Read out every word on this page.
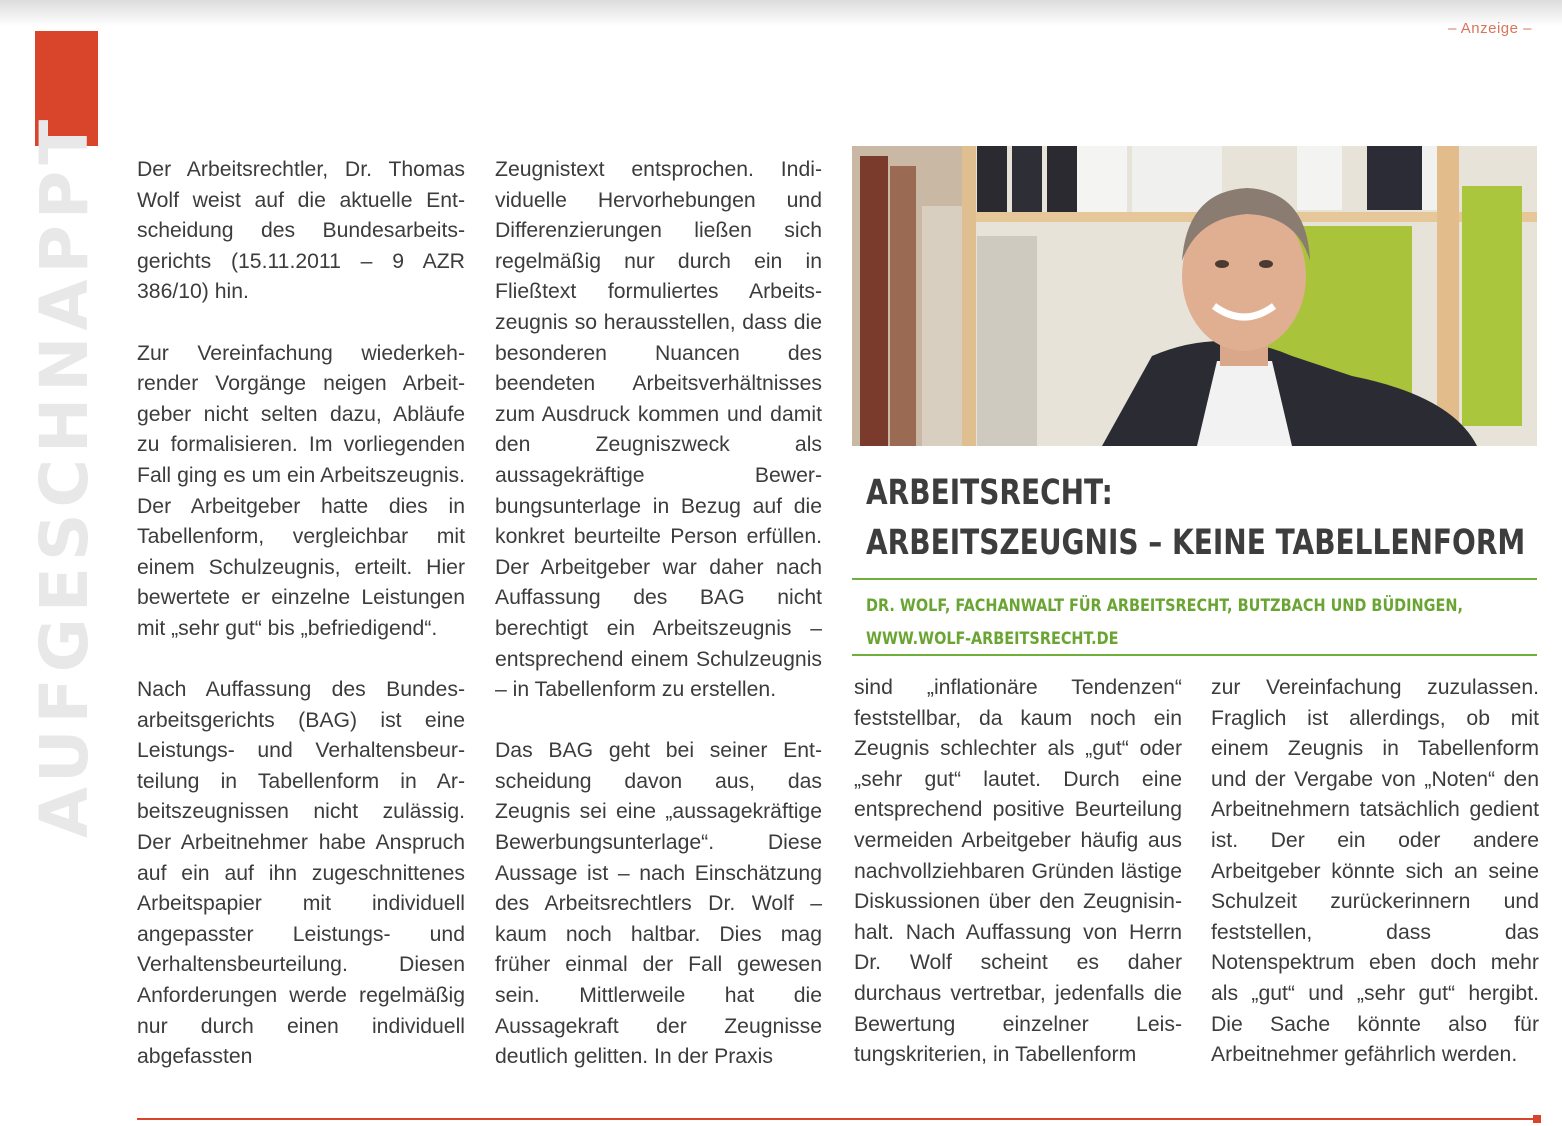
– Anzeige –
AUFGESCHNAPPT Der Arbeitsrechtler, Dr. Thomas Wolf weist auf die aktuelle Entscheidung des Bundesarbeitsgerichts (15.11.2011 – 9 AZR 386/10) hin.

Zur Vereinfachung wiederkehrender Vorgänge neigen Arbeitgeber nicht selten dazu, Abläufe zu formalisieren. Im vorliegenden Fall ging es um ein Arbeitszeugnis. Der Arbeitgeber hatte dies in Tabellenform, vergleichbar mit einem Schulzeugnis, erteilt. Hier bewertete er einzelne Leistungen mit „sehr gut“ bis „befriedigend“.

Nach Auffassung des Bundesarbeitsgerichts (BAG) ist eine Leistungs- und Verhaltensbeurteilung in Tabellenform in Arbeitszeugnissen nicht zulässig. Der Arbeitnehmer habe Anspruch auf ein auf ihn zugeschnittenes Arbeitspapier mit individuell angepasster Leistungs- und Verhaltensbeurteilung. Diesen Anforderungen werde regelmäßig nur durch einen individuell abgefassten

Zeugnistext entsprochen. Individuelle Hervorhebungen und Differenzierungen ließen sich regelmäßig nur durch ein in Fließtext formuliertes Arbeitszeugnis so herausstellen, dass die besonderen Nuancen des beendeten Arbeitsverhältnisses zum Ausdruck kommen und damit den Zeugniszweck als aussagekräftige Bewerbungsunterlage in Bezug auf die konkret beurteilte Person erfüllen. Der Arbeitgeber war daher nach Auffassung des BAG nicht berechtigt ein Arbeitszeugnis – entsprechend einem Schulzeugnis – in Tabellenform zu erstellen.

Das BAG geht bei seiner Entscheidung davon aus, das Zeugnis sei eine „aussagekräftige Bewerbungsunterlage“. Diese Aussage ist – nach Einschätzung des Arbeitsrechtlers Dr. Wolf – kaum noch haltbar. Dies mag früher einmal der Fall gewesen sein. Mittlerweile hat die Aussagekraft der Zeugnisse deutlich gelitten. In der Praxis

ARBEITSRECHT:
ARBEITSZEUGNIS – KEINE TABELLENFORM
DR. WOLF, FACHANWALT FÜR ARBEITSRECHT, BUTZBACH UND BÜDINGEN,
WWW.WOLF-ARBEITSRECHT.DE

sind „inflationäre Tendenzen“ feststellbar, da kaum noch ein Zeugnis schlechter als „gut“ oder „sehr gut“ lautet. Durch eine entsprechend positive Beurteilung vermeiden Arbeitgeber häufig aus nachvollziehbaren Gründen lästige Diskussionen über den Zeugnisinhalt. Nach Auffassung von Herrn Dr. Wolf scheint es daher durchaus vertretbar, jedenfalls die Bewertung einzelner Leistungskriterien, in Tabellenform

zur Vereinfachung zuzulassen. Fraglich ist allerdings, ob mit einem Zeugnis in Tabellenform und der Vergabe von „Noten“ den Arbeitnehmern tatsächlich gedient ist. Der ein oder andere Arbeitgeber könnte sich an seine Schulzeit zurückerinnern und feststellen, dass das Notenspektrum eben doch mehr als „gut“ und „sehr gut“ hergibt. Die Sache könnte also für Arbeitnehmer gefährlich werden.
